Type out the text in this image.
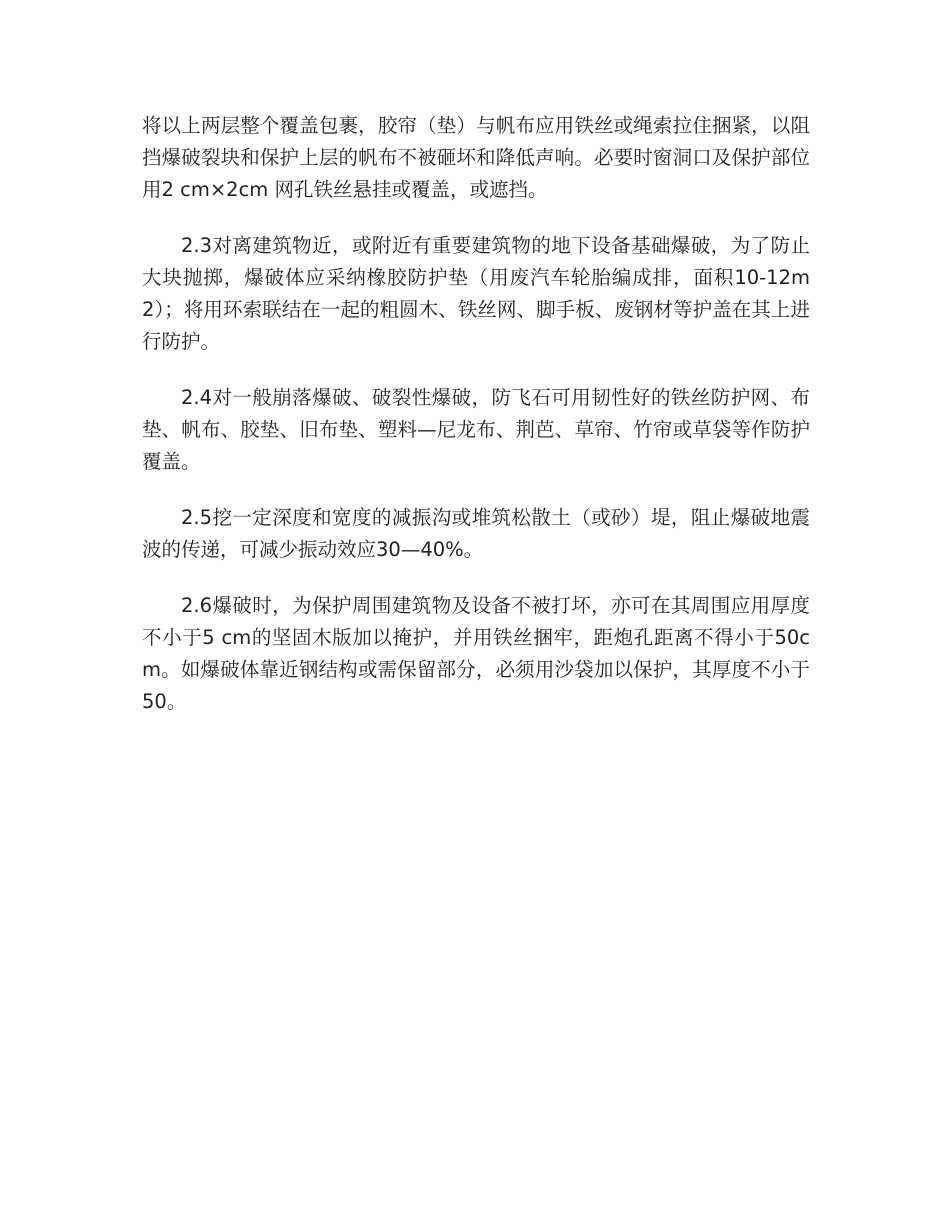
将以上两层整个覆盖包裹，胶帘（垫）与帆布应用铁丝或绳索拉住捆紧，以阻挡爆破裂块和保护上层的帆布不被砸坏和降低声响。必要时窗洞口及保护部位用2 cm×2cm 网孔铁丝悬挂或覆盖，或遮挡。

2.3对离建筑物近，或附近有重要建筑物的地下设备基础爆破，为了防止大块抛掷，爆破体应采纳橡胶防护垫（用废汽车轮胎编成排，面积10-12m2）；将用环索联结在一起的粗圆木、铁丝网、脚手板、废钢材等护盖在其上进行防护。

2.4对一般崩落爆破、破裂性爆破，防飞石可用韧性好的铁丝防护网、布垫、帆布、胶垫、旧布垫、塑料—尼龙布、荆芭、草帘、竹帘或草袋等作防护覆盖。

2.5挖一定深度和宽度的减振沟或堆筑松散土（或砂）堤，阻止爆破地震波的传递，可减少振动效应30—40%。

2.6爆破时，为保护周围建筑物及设备不被打坏，亦可在其周围应用厚度不小于5 cm的坚固木版加以掩护，并用铁丝捆牢，距炮孔距离不得小于50cm。如爆破体靠近钢结构或需保留部分，必须用沙袋加以保护，其厚度不小于50。
